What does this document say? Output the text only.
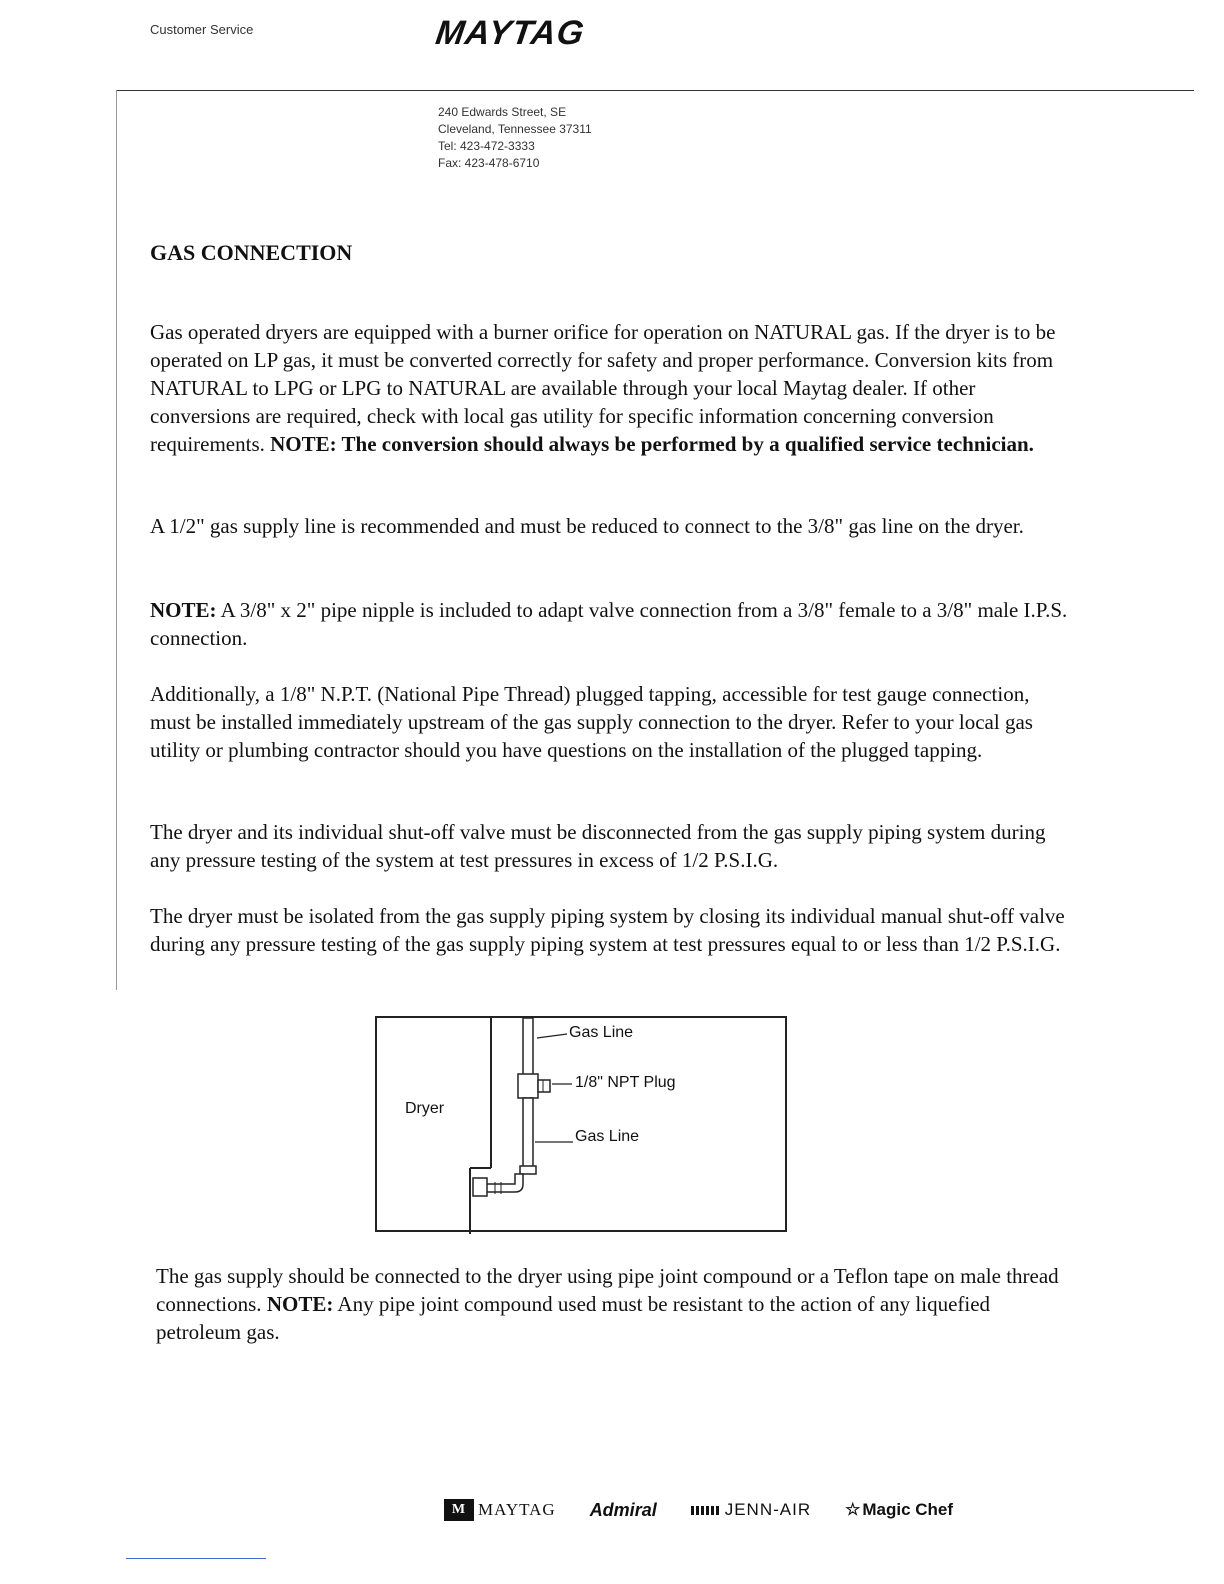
Customer Service	MAYTAG
240 Edwards Street, SE
Cleveland, Tennessee 37311
Tel: 423-472-3333
Fax: 423-478-6710
GAS CONNECTION
Gas operated dryers are equipped with a burner orifice for operation on NATURAL gas. If the dryer is to be operated on LP gas, it must be converted correctly for safety and proper performance. Conversion kits from NATURAL to LPG or LPG to NATURAL are available through your local Maytag dealer. If other conversions are required, check with local gas utility for specific information concerning conversion requirements. NOTE: The conversion should always be performed by a qualified service technician.
A 1/2" gas supply line is recommended and must be reduced to connect to the 3/8" gas line on the dryer.
NOTE: A 3/8" x 2" pipe nipple is included to adapt valve connection from a 3/8" female to a 3/8" male I.P.S. connection.
Additionally, a 1/8" N.P.T. (National Pipe Thread) plugged tapping, accessible for test gauge connection, must be installed immediately upstream of the gas supply connection to the dryer. Refer to your local gas utility or plumbing contractor should you have questions on the installation of the plugged tapping.
The dryer and its individual shut-off valve must be disconnected from the gas supply piping system during any pressure testing of the system at test pressures in excess of 1/2 P.S.I.G.
The dryer must be isolated from the gas supply piping system by closing its individual manual shut-off valve during any pressure testing of the gas supply piping system at test pressures equal to or less than 1/2 P.S.I.G.
Dryer
Gas Line
1/8" NPT Plug
Gas Line
The gas supply should be connected to the dryer using pipe joint compound or a Teflon tape on male thread connections. NOTE: Any pipe joint compound used must be resistant to the action of any liquefied petroleum gas.
M MAYTAG Admiral	JENN-AIR ☆ Magic Chef
